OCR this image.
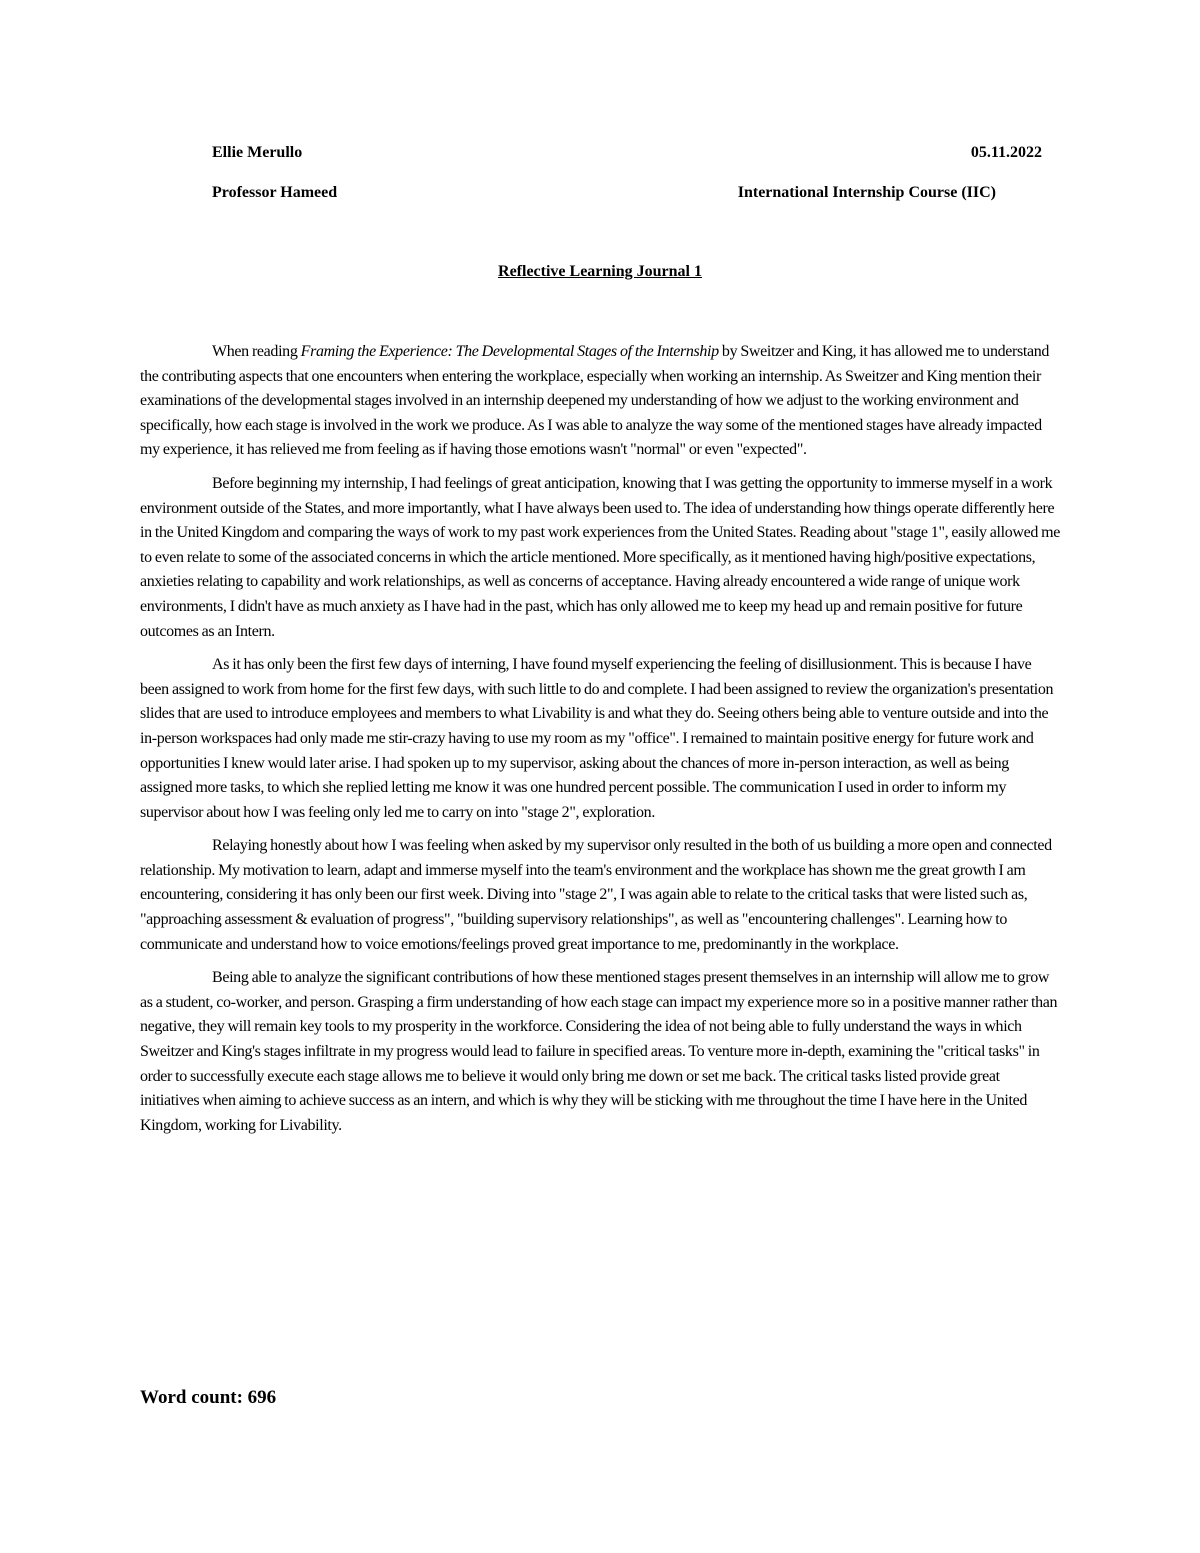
Ellie Merullo	05.11.2022
Professor Hameed	International Internship Course (IIC)
Reflective Learning Journal 1

When reading Framing the Experience: The Developmental Stages of the Internship by Sweitzer and King, it has allowed me to understand the contributing aspects that one encounters when entering the workplace, especially when working an internship. As Sweitzer and King mention their examinations of the developmental stages involved in an internship deepened my understanding of how we adjust to the working environment and specifically, how each stage is involved in the work we produce. As I was able to analyze the way some of the mentioned stages have already impacted my experience, it has relieved me from feeling as if having those emotions wasn't "normal" or even "expected".

Before beginning my internship, I had feelings of great anticipation, knowing that I was getting the opportunity to immerse myself in a work environment outside of the States, and more importantly, what I have always been used to. The idea of understanding how things operate differently here in the United Kingdom and comparing the ways of work to my past work experiences from the United States. Reading about "stage 1", easily allowed me to even relate to some of the associated concerns in which the article mentioned. More specifically, as it mentioned having high/positive expectations, anxieties relating to capability and work relationships, as well as concerns of acceptance. Having already encountered a wide range of unique work environments, I didn't have as much anxiety as I have had in the past, which has only allowed me to keep my head up and remain positive for future outcomes as an Intern.

As it has only been the first few days of interning, I have found myself experiencing the feeling of disillusionment. This is because I have been assigned to work from home for the first few days, with such little to do and complete. I had been assigned to review the organization's presentation slides that are used to introduce employees and members to what Livability is and what they do. Seeing others being able to venture outside and into the in-person workspaces had only made me stir-crazy having to use my room as my "office". I remained to maintain positive energy for future work and opportunities I knew would later arise. I had spoken up to my supervisor, asking about the chances of more in-person interaction, as well as being assigned more tasks, to which she replied letting me know it was one hundred percent possible. The communication I used in order to inform my supervisor about how I was feeling only led me to carry on into "stage 2", exploration.

Relaying honestly about how I was feeling when asked by my supervisor only resulted in the both of us building a more open and connected relationship. My motivation to learn, adapt and immerse myself into the team's environment and the workplace has shown me the great growth I am encountering, considering it has only been our first week. Diving into "stage 2", I was again able to relate to the critical tasks that were listed such as, "approaching assessment & evaluation of progress", "building supervisory relationships", as well as "encountering challenges". Learning how to communicate and understand how to voice emotions/feelings proved great importance to me, predominantly in the workplace.

Being able to analyze the significant contributions of how these mentioned stages present themselves in an internship will allow me to grow as a student, co-worker, and person. Grasping a firm understanding of how each stage can impact my experience more so in a positive manner rather than negative, they will remain key tools to my prosperity in the workforce. Considering the idea of not being able to fully understand the ways in which Sweitzer and King's stages infiltrate in my progress would lead to failure in specified areas. To venture more in-depth, examining the "critical tasks" in order to successfully execute each stage allows me to believe it would only bring me down or set me back. The critical tasks listed provide great initiatives when aiming to achieve success as an intern, and which is why they will be sticking with me throughout the time I have here in the United Kingdom, working for Livability.

Word count: 696
